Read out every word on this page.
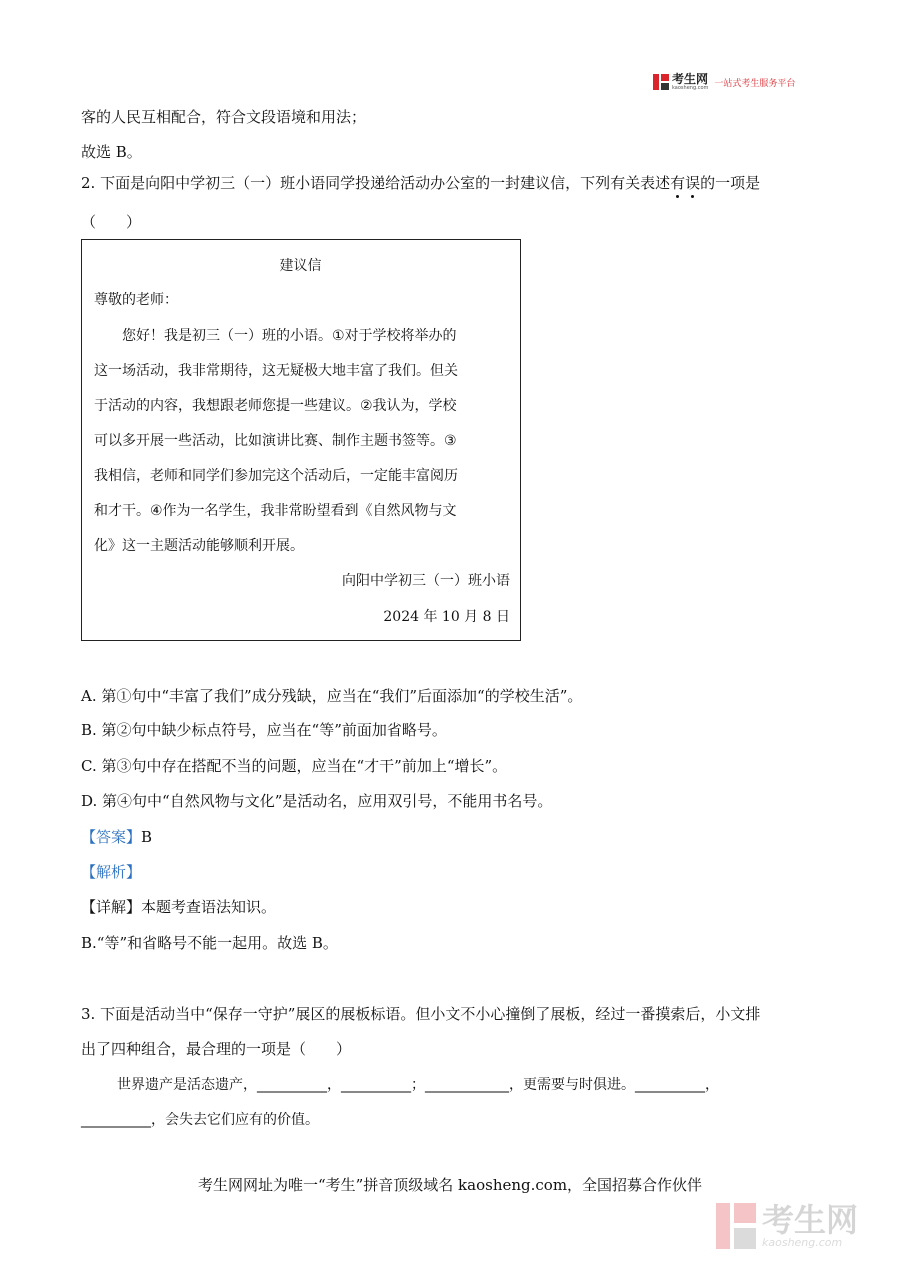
考生网
kaosheng.com 一站式考生服务平台
客的人民互相配合，符合文段语境和用法；
故选 B。
2. 下面是向阳中学初三（一）班小语同学投递给活动办公室的一封建议信，下列有关表述有误的一项是
（　　）
建议信
尊敬的老师：
您好！我是初三（一）班的小语。①对于学校将举办的
这一场活动，我非常期待，这无疑极大地丰富了我们。但关
于活动的内容，我想跟老师您提一些建议。②我认为，学校
可以多开展一些活动，比如演讲比赛、制作主题书签等。③
我相信，老师和同学们参加完这个活动后，一定能丰富阅历
和才干。④作为一名学生，我非常盼望看到《自然风物与文
化》这一主题活动能够顺利开展。
向阳中学初三（一）班小语
2024 年 10 月 8 日
A. 第①句中“丰富了我们”成分残缺，应当在“我们”后面添加“的学校生活”。
B. 第②句中缺少标点符号，应当在“等”前面加省略号。
C. 第③句中存在搭配不当的问题，应当在“才干”前加上“增长”。
D. 第④句中“自然风物与文化”是活动名，应用双引号，不能用书名号。
【答案】B
【解析】
【详解】本题考查语法知识。
B.“等”和省略号不能一起用。故选 B。
3. 下面是活动当中“保存一守护”展区的展板标语。但小文不小心撞倒了展板，经过一番摸索后，小文排
出了四种组合，最合理的一项是（　　）
世界遗产是活态遗产，__________，__________；____________，更需要与时俱进。__________，
__________，会失去它们应有的价值。
考生网网址为唯一“考生”拼音顶级域名 kaosheng.com，全国招募合作伙伴
考生网
kaosheng.com
